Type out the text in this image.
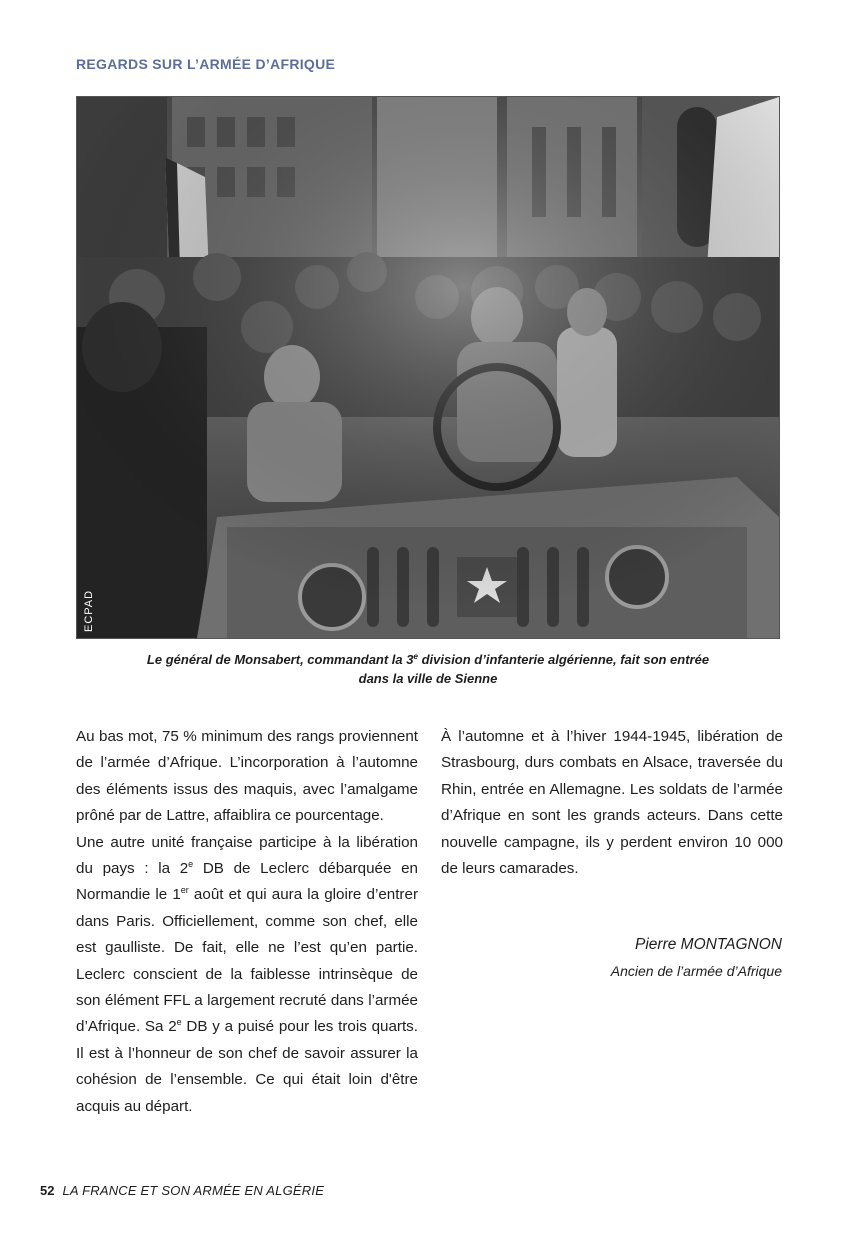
REGARDS SUR L’ARMÉE D’AFRIQUE
ECPAD
Le général de Monsabert, commandant la 3e division d’infanterie algérienne, fait son entrée
dans la ville de Sienne

Au bas mot, 75 % minimum des rangs proviennent de l’armée d’Afrique. L’incorporation à l’automne des éléments issus des maquis, avec l’amalgame prôné par de Lattre, affaiblira ce pourcentage.

Une autre unité française participe à la libération du pays : la 2e DB de Leclerc débarquée en Normandie le 1er août et qui aura la gloire d’entrer dans Paris. Officiellement, comme son chef, elle est gaulliste. De fait, elle ne l’est qu’en partie. Leclerc conscient de la faiblesse intrinsèque de son élément FFL a largement recruté dans l’armée d’Afrique. Sa 2e DB y a puisé pour les trois quarts. Il est à l’honneur de son chef de savoir assurer la cohésion de l’ensemble. Ce qui était loin d'être acquis au départ.

À l’automne et à l’hiver 1944-1945, libération de Strasbourg, durs combats en Alsace, traversée du Rhin, entrée en Allemagne. Les soldats de l’armée d’Afrique en sont les grands acteurs. Dans cette nouvelle campagne, ils y perdent environ 10 000 de leurs camarades.

Pierre MONTAGNON
Ancien de l’armée d’Afrique
52 LA FRANCE ET SON ARMÉE EN ALGÉRIE
